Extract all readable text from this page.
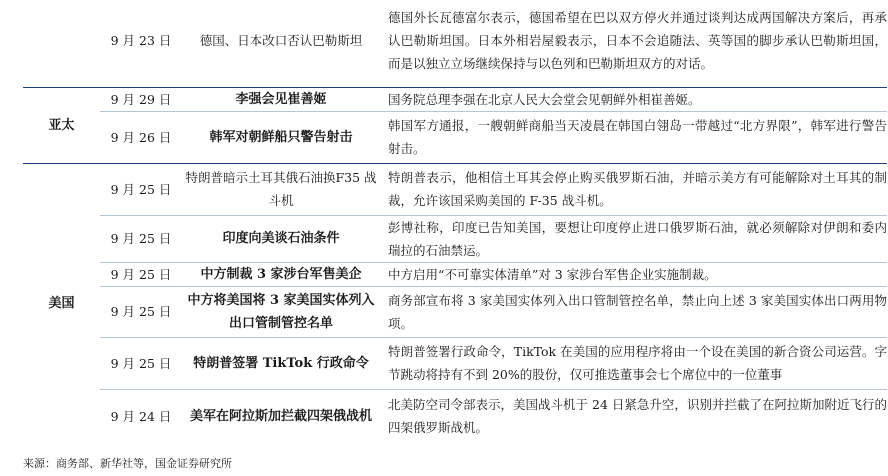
	9 月 23 日	德国、日本改口否认巴勒斯坦	德国外长瓦德富尔表示，德国希望在巴以双方停火并通过谈判达成两国解决方案后，再承认巴勒斯坦国。日本外相岩屋毅表示，日本不会追随法、英等国的脚步承认巴勒斯坦国，而是以独立立场继续保持与以色列和巴勒斯坦双方的对话。
亚太	9 月 29 日	李强会见崔善姬	国务院总理李强在北京人民大会堂会见朝鲜外相崔善姬。
	9 月 26 日	韩军对朝鲜船只警告射击	韩国军方通报，一艘朝鲜商船当天凌晨在韩国白翎岛一带越过“北方界限”，韩军进行警告射击。
美国	9 月 25 日	特朗普暗示土耳其俄石油换F35 战斗机	特朗普表示，他相信土耳其会停止购买俄罗斯石油，并暗示美方有可能解除对土耳其的制裁，允许该国采购美国的 F-35 战斗机。
	9 月 25 日	印度向美谈石油条件	彭博社称，印度已告知美国，要想让印度停止进口俄罗斯石油，就必须解除对伊朗和委内瑞拉的石油禁运。
	9 月 25 日	中方制裁 3 家涉台军售美企	中方启用“不可靠实体清单”对 3 家涉台军售企业实施制裁。
	9 月 25 日	中方将美国将 3 家美国实体列入出口管制管控名单	商务部宣布将 3 家美国实体列入出口管制管控名单，禁止向上述 3 家美国实体出口两用物项。
	9 月 25 日	特朗普签署 TikTok 行政命令	特朗普签署行政命令，TikTok 在美国的应用程序将由一个设在美国的新合资公司运营。字节跳动将持有不到 20%的股份，仅可推选董事会七个席位中的一位董事
	9 月 24 日	美军在阿拉斯加拦截四架俄战机	北美防空司令部表示，美国战斗机于 24 日紧急升空，识别并拦截了在阿拉斯加附近飞行的四架俄罗斯战机。
来源：商务部、新华社等，国金证券研究所
